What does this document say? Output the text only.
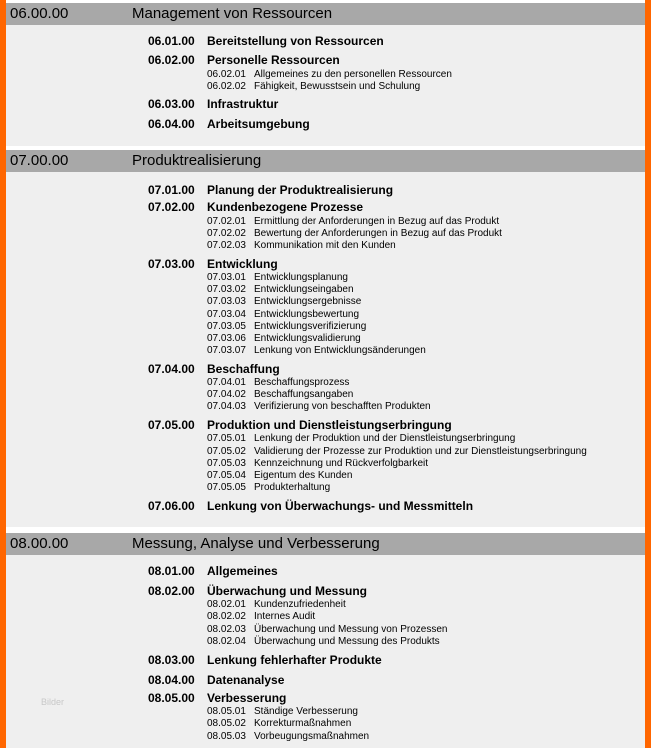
06.00.00	Management von Ressourcen
06.01.00 Bereitstellung von Ressourcen
06.02.00 Personelle Ressourcen
06.02.01 Allgemeines zu den personellen Ressourcen
06.02.02 Fähigkeit, Bewusstsein und Schulung
06.03.00 Infrastruktur
06.04.00 Arbeitsumgebung
07.00.00	Produktrealisierung
07.01.00 Planung der Produktrealisierung
07.02.00 Kundenbezogene Prozesse
07.02.01 Ermittlung der Anforderungen in Bezug auf das Produkt
07.02.02 Bewertung der Anforderungen in Bezug auf das Produkt
07.02.03 Kommunikation mit den Kunden
07.03.00 Entwicklung
07.03.01 Entwicklungsplanung
07.03.02 Entwicklungseingaben
07.03.03 Entwicklungsergebnisse
07.03.04 Entwicklungsbewertung
07.03.05 Entwicklungsverifizierung
07.03.06 Entwicklungsvalidierung
07.03.07 Lenkung von Entwicklungsänderungen
07.04.00 Beschaffung
07.04.01 Beschaffungsprozess
07.04.02 Beschaffungsangaben
07.04.03 Verifizierung von beschafften Produkten
07.05.00 Produktion und Dienstleistungserbringung
07.05.01 Lenkung der Produktion und der Dienstleistungserbringung
07.05.02 Validierung der Prozesse zur Produktion und zur Dienstleistungserbringung
07.05.03 Kennzeichnung und Rückverfolgbarkeit
07.05.04 Eigentum des Kunden
07.05.05 Produkterhaltung
07.06.00 Lenkung von Überwachungs- und Messmitteln
08.00.00	Messung, Analyse und Verbesserung
08.01.00 Allgemeines
08.02.00 Überwachung und Messung
08.02.01 Kundenzufriedenheit
08.02.02 Internes Audit
08.02.03 Überwachung und Messung von Prozessen
08.02.04 Überwachung und Messung des Produkts
08.03.00 Lenkung fehlerhafter Produkte
08.04.00 Datenanalyse
08.05.00 Verbesserung
08.05.01 Ständige Verbesserung
08.05.02 Korrekturmaßnahmen
08.05.03 Vorbeugungsmaßnahmen
Bilder
